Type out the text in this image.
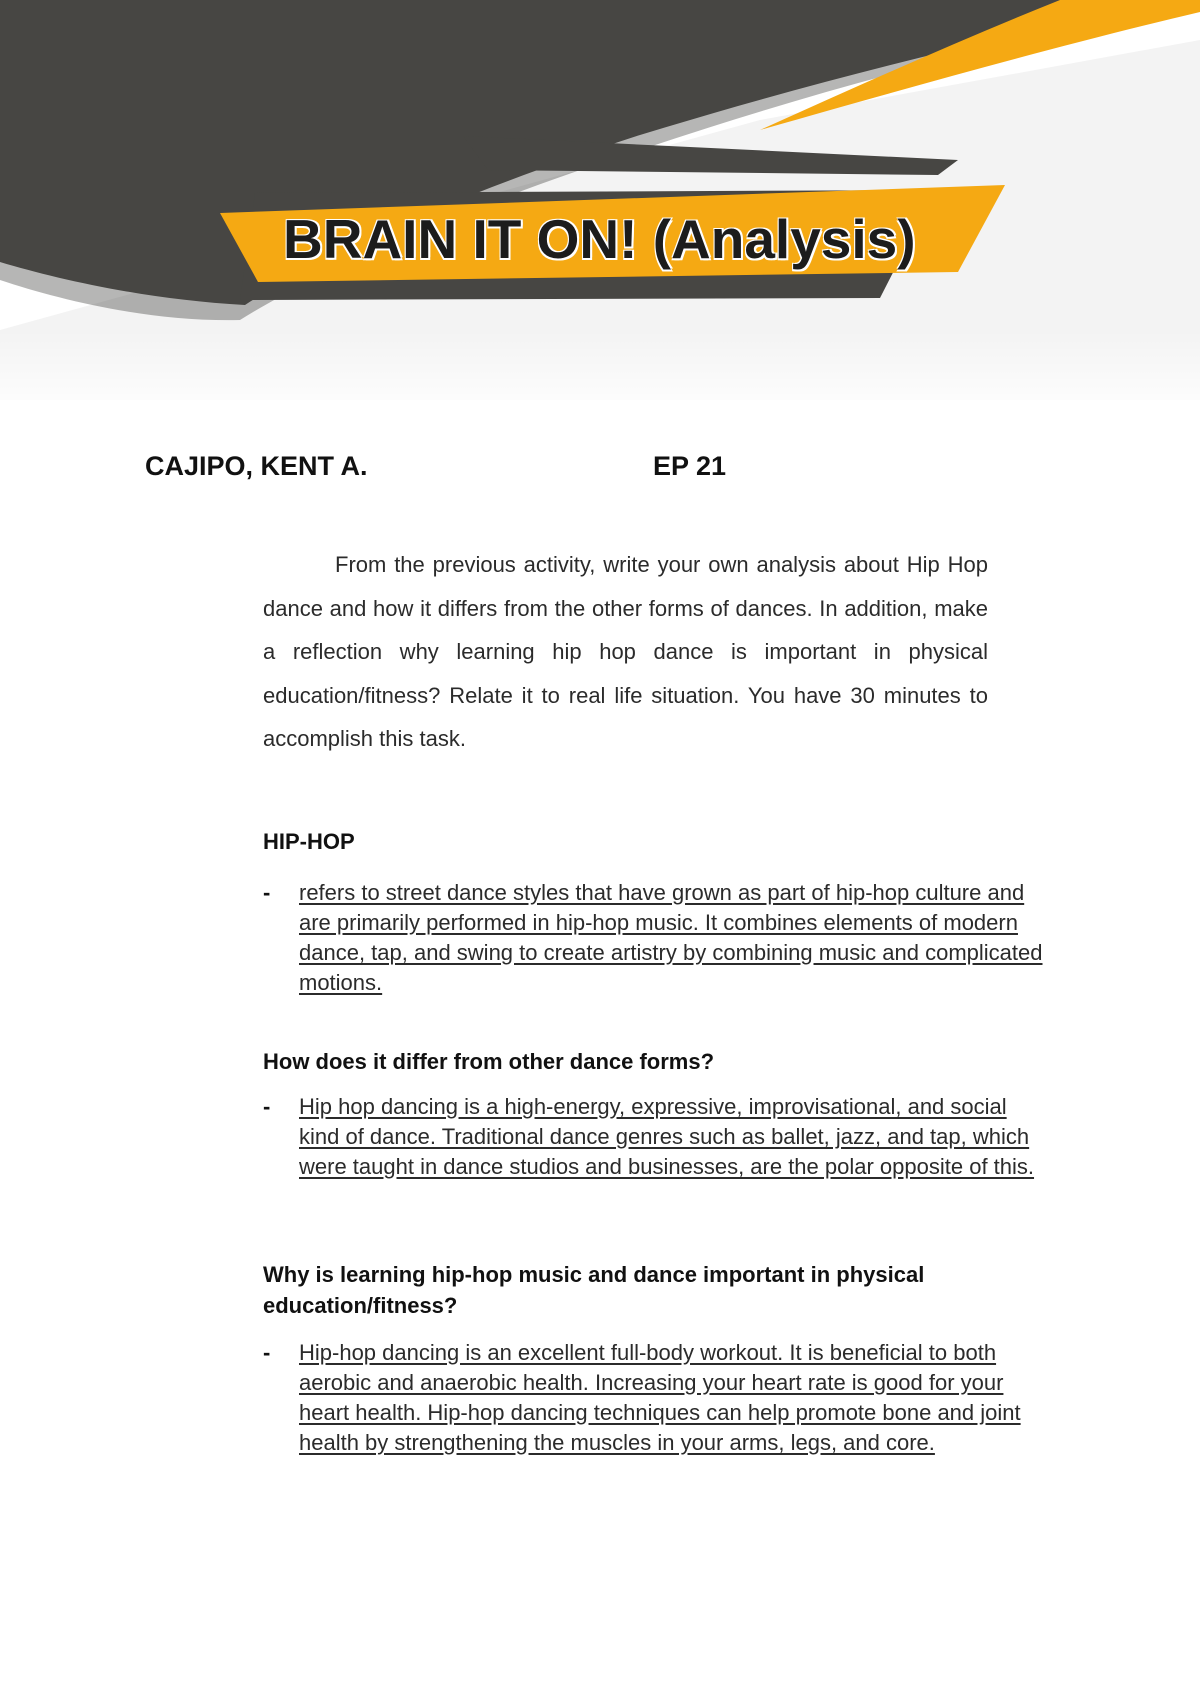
BRAIN IT ON! (Analysis)
CAJIPO, KENT A.	EP 21

From the previous activity, write your own analysis about Hip Hop dance and how it differs from the other forms of dances. In addition, make a reflection why learning hip hop dance is important in physical education/fitness? Relate it to real life situation. You have 30 minutes to accomplish this task.

HIP-HOP
-	refers to street dance styles that have grown as part of hip-hop culture and are primarily performed in hip-hop music. It combines elements of modern dance, tap, and swing to create artistry by combining music and complicated motions.
How does it differ from other dance forms?
-	Hip hop dancing is a high-energy, expressive, improvisational, and social kind of dance. Traditional dance genres such as ballet, jazz, and tap, which were taught in dance studios and businesses, are the polar opposite of this.
Why is learning hip-hop music and dance important in physical education/fitness?
-	Hip-hop dancing is an excellent full-body workout. It is beneficial to both aerobic and anaerobic health. Increasing your heart rate is good for your heart health. Hip-hop dancing techniques can help promote bone and joint health by strengthening the muscles in your arms, legs, and core.
